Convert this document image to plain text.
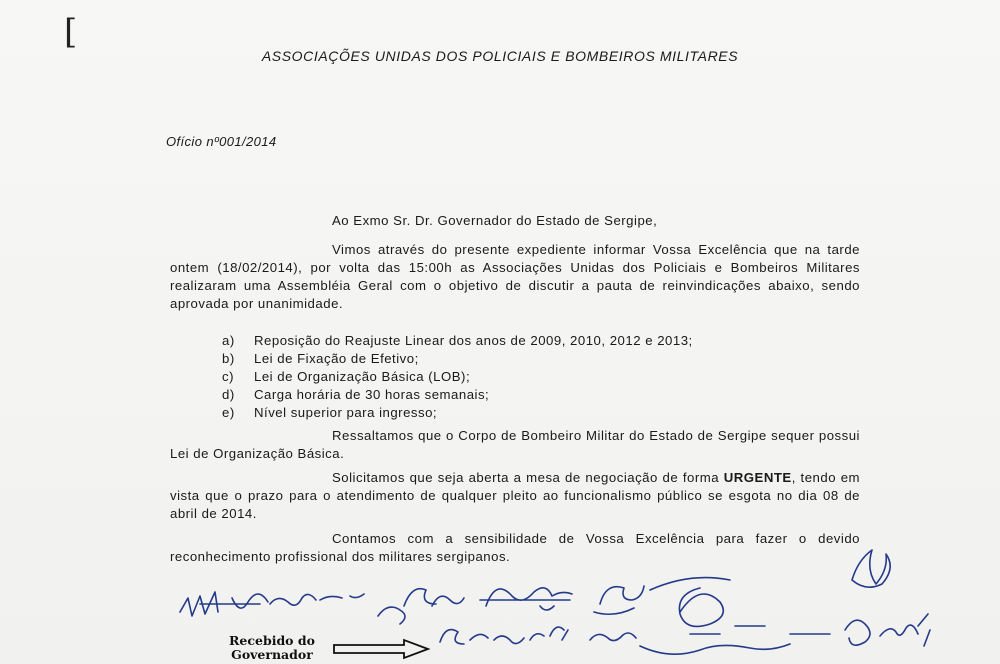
[
ASSOCIAÇÕES UNIDAS DOS POLICIAIS E BOMBEIROS MILITARES
Ofício nº001/2014
Ao Exmo Sr. Dr. Governador do Estado de Sergipe,
Vimos através do presente expediente informar Vossa Excelência que na tarde ontem (18/02/2014), por volta das 15:00h as Associações Unidas dos Policiais e Bombeiros Militares realizaram uma Assembléia Geral com o objetivo de discutir a pauta de reinvindicações abaixo, sendo aprovada por unanimidade.
a)	Reposição do Reajuste Linear dos anos de 2009, 2010, 2012 e 2013;
b)	Lei de Fixação de Efetivo;
c)	Lei de Organização Básica (LOB);
d)	Carga horária de 30 horas semanais;
e)	Nível superior para ingresso;
Ressaltamos que o Corpo de Bombeiro Militar do Estado de Sergipe sequer possui Lei de Organização Básica.
Solicitamos que seja aberta a mesa de negociação de forma URGENTE, tendo em vista que o prazo para o atendimento de qualquer pleito ao funcionalismo público se esgota no dia 08 de abril de 2014.
Contamos com a sensibilidade de Vossa Excelência para fazer o devido reconhecimento profissional dos militares sergipanos.
Recebido do
Governador
